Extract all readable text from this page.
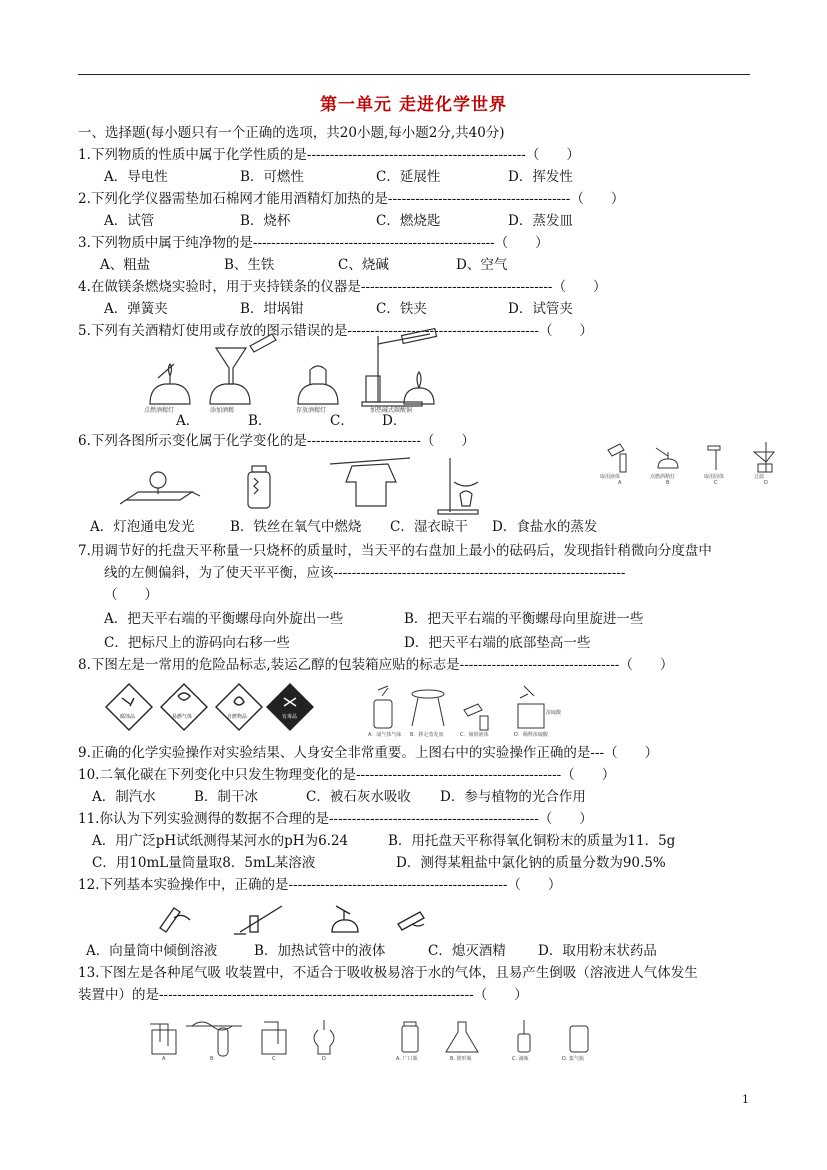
第一单元 走进化学世界
一、选择题(每小题只有一个正确的选项，共20小题,每小题2分,共40分)
1.下列物质的性质中属于化学性质的是------------------------------------------------（　　）
A．导电性	B．可燃性	C．延展性	D．挥发性
2.下列化学仪器需垫加石棉网才能用酒精灯加热的是----------------------------------------（　　）
A．试管	B．烧杯	C．燃烧匙	D．蒸发皿
3.下列物质中属于纯净物的是-----------------------------------------------------（　　）
A、粗盐	B、生铁	C、烧碱	D、空气
4.在做镁条燃烧实验时，用于夹持镁条的仪器是------------------------------------------（　　）
A．弹簧夹	B．坩埚钳	C．铁夹	D．试管夹
5.下列有关酒精灯使用或存放的图示错误的是------------------------------------------（　　）
点燃酒精灯	添加酒精	存放酒精灯	加热碱式碳酸铜
A．	B．	C． D．
6.下列各图所示变化属于化学变化的是-------------------------（　　）
取用液体	点燃酒精灯	取用固体	过滤
A	B	C	D
A．灯泡通电发光	B．铁丝在氧气中燃烧 C．湿衣晾干 D．食盐水的蒸发
7.用调节好的托盘天平称量一只烧杯的质量时，当天平的右盘加上最小的砝码后，发现指针稍微向分度盘中
线的左侧偏斜，为了使天平平衡，应该----------------------------------------------------------------
（　　）
A．把天平右端的平衡螺母向外旋出一些	B．把天平右端的平衡螺母向里旋进一些
C．把标尺上的游码向右移一些	D．把天平右端的底部垫高一些
8.下图左是一常用的危险品标志,装运乙醇的包装箱应贴的标志是-----------------------------------（　　）
腐蚀品	易燃气体	自燃物品	有毒品
A．闻气体气味 B．移走蒸发皿	C．倾倒液体	D．稀释浓硫酸
浓硫酸
9.正确的化学实验操作对实验结果、人身安全非常重要。上图右中的实验操作正确的是---（　　）
10.二氧化碳在下列变化中只发生物理变化的是---------------------------------------------（　　）
A．制汽水	B．制干冰	C．被石灰水吸收 D．参与植物的光合作用
11.你认为下列实验测得的数据不合理的是----------------------------------------------（　　）
A．用广泛pH试纸测得某河水的pH为6.24	B．用托盘天平称得氧化铜粉末的质量为11．5g
C．用10mL量筒量取8．5mL某溶液	D．测得某粗盐中氯化钠的质量分数为90.5%
12.下列基本实验操作中，正确的是------------------------------------------------（　　）
A．向量筒中倾倒溶液	B．加热试管中的液体	C．熄灭酒精 D．取用粉末状药品
13.下图左是各种尾气吸 收装置中，不适合于吸收极易溶于水的气体，且易产生倒吸（溶液进人气体发生
装置中）的是---------------------------------------------------------------------（　　）
A	B	C	D	A. 广口瓶	B. 锥形瓶	C. 滴瓶	D. 集气瓶
1
